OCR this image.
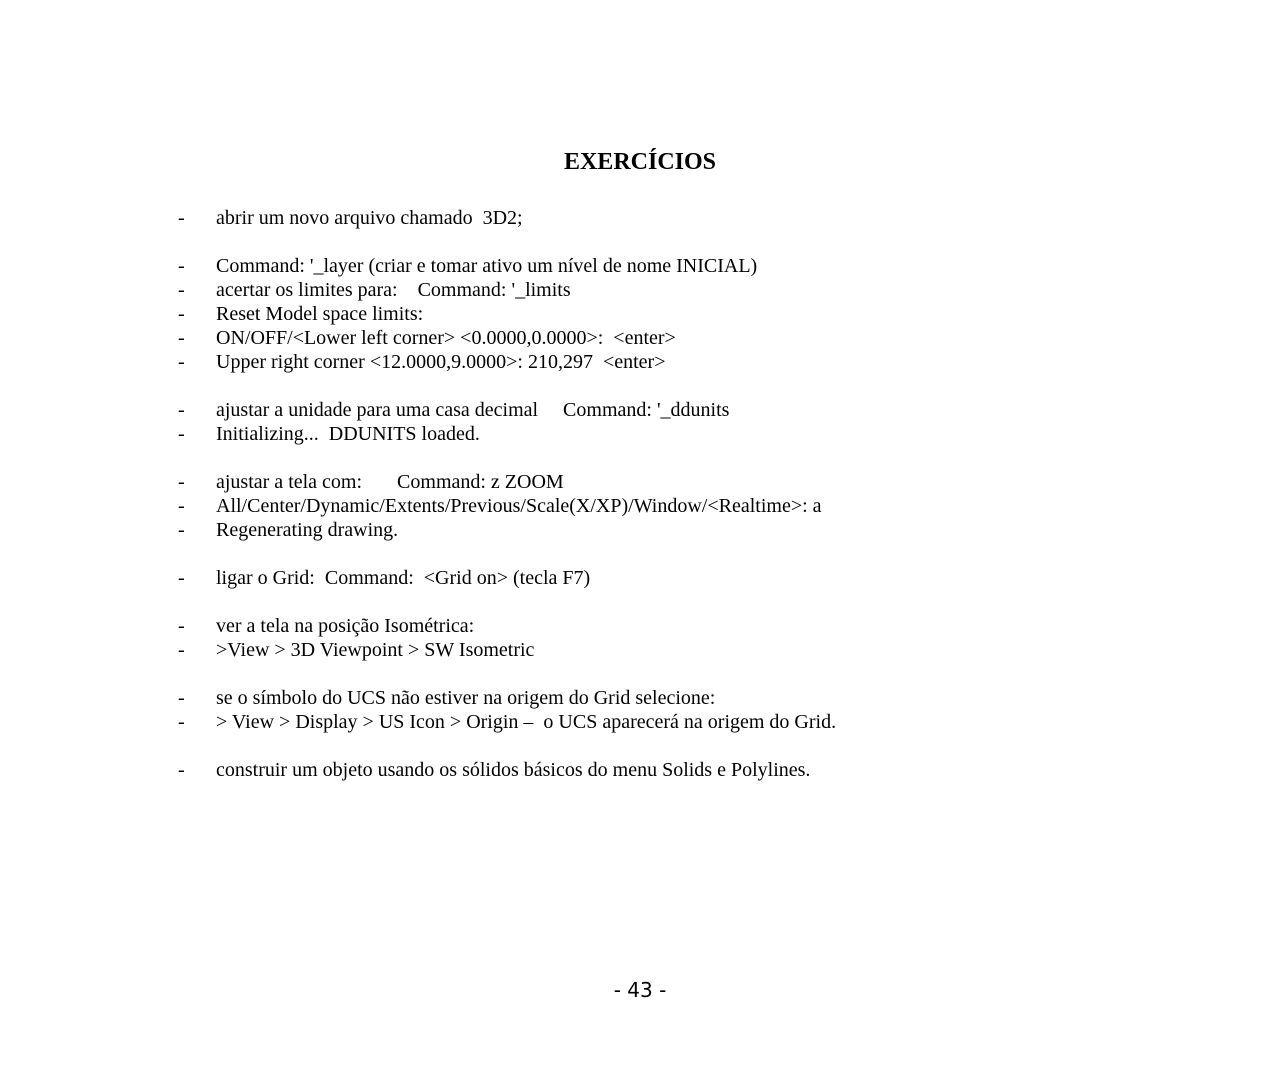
EXERCÍCIOS

-

	abrir um novo arquivo chamado  3D2;

-

	Command: '_layer (criar e tomar ativo um nível de nome INICIAL)

-

	acertar os limites para:    Command: '_limits

-

	Reset Model space limits:

-

	ON/OFF/<Lower left corner> <0.0000,0.0000>:  <enter>

-

	Upper right corner <12.0000,9.0000>: 210,297  <enter>

-

	ajustar a unidade para uma casa decimal     Command: '_ddunits

-

	Initializing...  DDUNITS loaded.

-

	ajustar a tela com:       Command: z ZOOM

-

	All/Center/Dynamic/Extents/Previous/Scale(X/XP)/Window/<Realtime>: a

-

	Regenerating drawing.

-

	ligar o Grid:  Command:  <Grid on> (tecla F7)

-

	ver a tela na posição Isométrica:

-

	>View > 3D Viewpoint > SW Isometric

-

	se o símbolo do UCS não estiver na origem do Grid selecione:

-

	> View > Display > US Icon > Origin –  o UCS aparecerá na origem do Grid.

-

	construir um objeto usando os sólidos básicos do menu Solids e Polylines.

- 43 -
